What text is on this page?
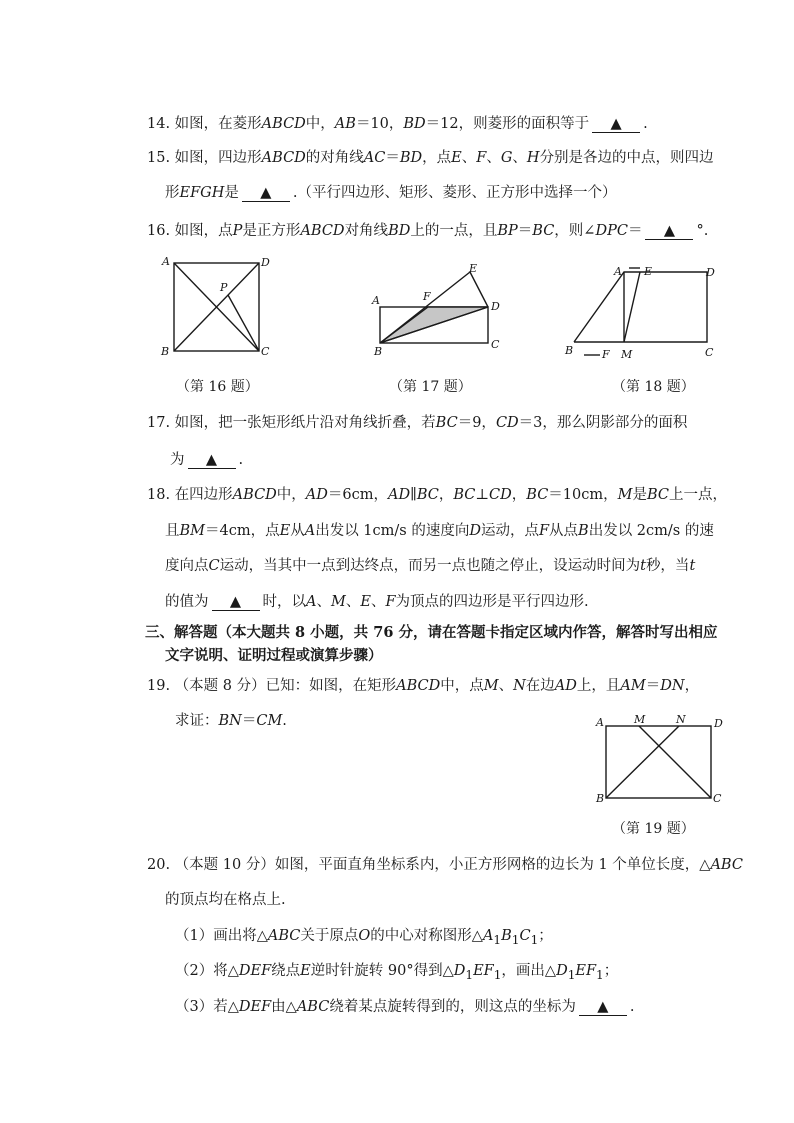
14. 如图，在菱形ABCD中，AB＝10，BD＝12，则菱形的面积等于 ▲ .
15. 如图，四边形ABCD的对角线AC＝BD，点E、F、G、H分别是各边的中点，则四边
形EFGH是 ▲ .（平行四边形、矩形、菱形、正方形中选择一个）
16. 如图，点P是正方形ABCD对角线BD上的一点，且BP＝BC，则∠DPC＝ ▲ °.
A	D
B	C
P
（第 16 题）
A	F
E
D
C
B
（第 17 题）
A E	D
B	F M	C
（第 18 题）
17. 如图，把一张矩形纸片沿对角线折叠，若BC＝9，CD＝3，那么阴影部分的面积
为 ▲ .
18. 在四边形ABCD中，AD＝6cm，AD∥BC，BC⊥CD，BC＝10cm，M是BC上一点，
且BM＝4cm，点E从A出发以 1cm/s 的速度向D运动，点F从点B出发以 2cm/s 的速
度向点C运动，当其中一点到达终点，而另一点也随之停止，设运动时间为t秒，当t
的值为 ▲ 时，以A、M、E、F为顶点的四边形是平行四边形.
三、解答题（本大题共 8 小题，共 76 分，请在答题卡指定区域内作答，解答时写出相应
文字说明、证明过程或演算步骤）
19. （本题 8 分）已知：如图，在矩形ABCD中，点M、N在边AD上，且AM＝DN，
求证：BN＝CM.	A	M	N	D
B	C
（第 19 题）
20. （本题 10 分）如图，平面直角坐标系内，小正方形网格的边长为 1 个单位长度，△ABC
的顶点均在格点上.
（1）画出将△ABC关于原点O的中心对称图形$\triangle A_1B_1C_1$；
（2）将△DEF绕点E逆时针旋转 90°得到$\triangle D_1EF_1$，画出$\triangle D_1EF_1$；
（3）若△DEF由△ABC绕着某点旋转得到的，则这点的坐标为 ▲ .
